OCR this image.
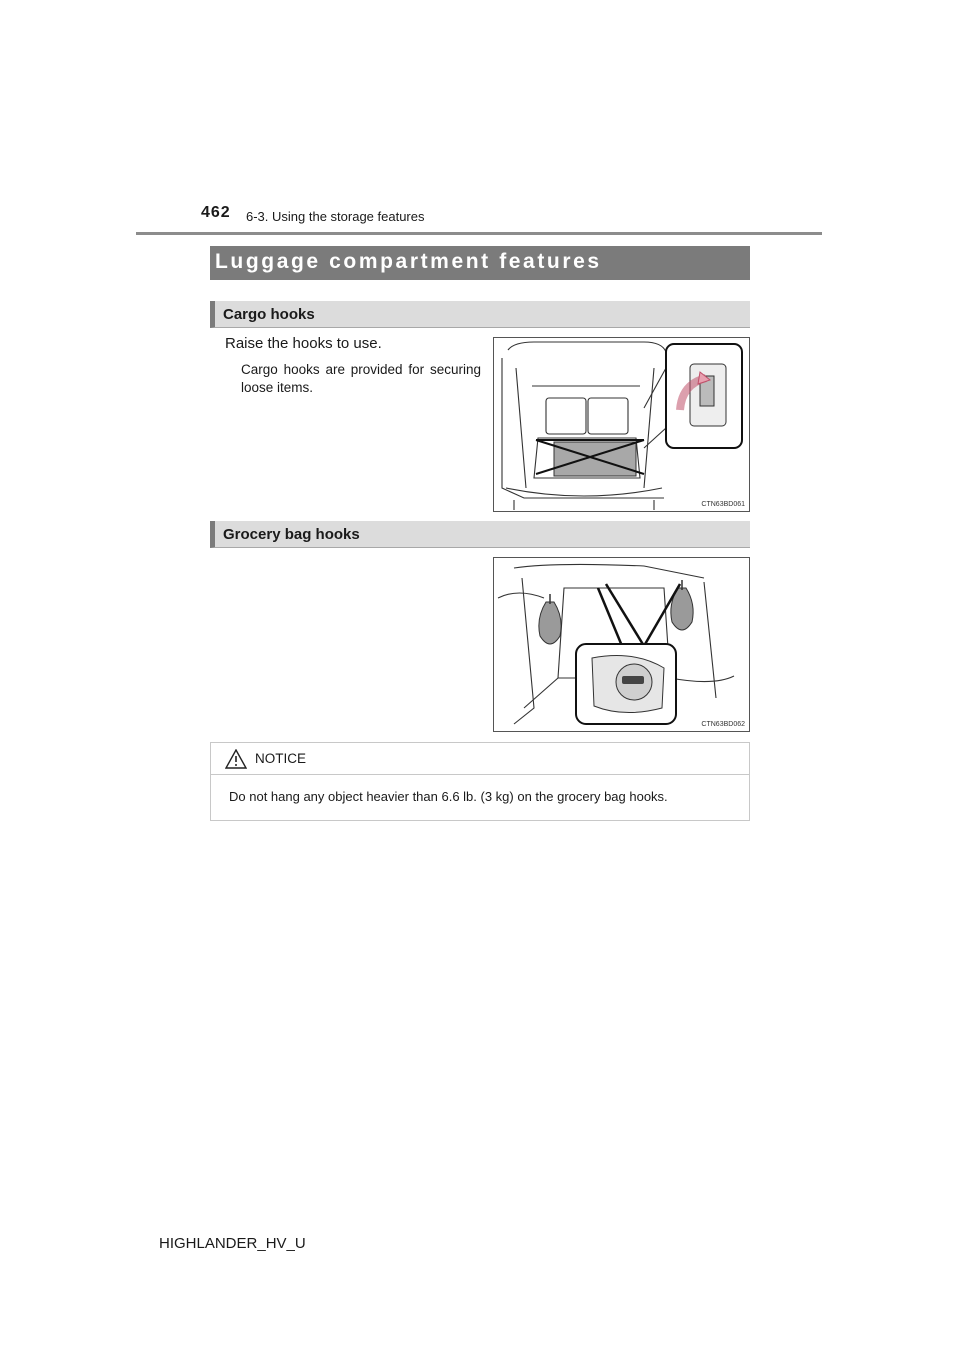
462 6-3. Using the storage features
Luggage compartment features
Cargo hooks
Raise the hooks to use.
Cargo hooks are provided for securing loose items.
CTN63BD061
Grocery bag hooks
CTN63BD062
NOTICE
Do not hang any object heavier than 6.6 lb. (3 kg) on the grocery bag hooks.
HIGHLANDER_HV_U
